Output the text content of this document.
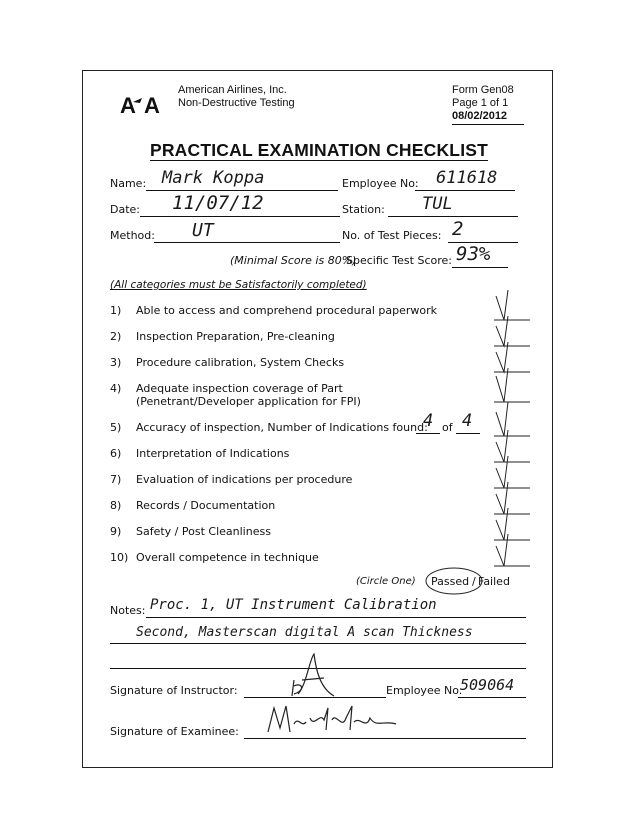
A A
American Airlines, Inc.
Non-Destructive Testing
Form Gen08
Page 1 of 1
08/02/2012
PRACTICAL EXAMINATION CHECKLIST
Name: Mark Koppa	Employee No: 611618
Date: 11/07/12	Station: TUL
Method: UT	No. of Test Pieces: 2
(Minimal Score is 80%)
Specific Test Score: 93%
(All categories must be Satisfactorily completed)
1) Able to access and comprehend procedural paperwork
2) Inspection Preparation, Pre-cleaning
3) Procedure calibration, System Checks
4) Adequate inspection coverage of Part
(Penetrant/Developer application for FPI)
5) Accuracy of inspection, Number of Indications found:
4 of 4
6) Interpretation of Indications
7) Evaluation of indications per procedure
8) Records / Documentation
9) Safety / Post Cleanliness
10) Overall competence in technique
(Circle One) Passed / Failed
Notes: Proc. 1, UT Instrument Calibration
Second, Masterscan digital A scan Thickness
Signature of Instructor:	Employee No.
509064
Signature of Examinee:
